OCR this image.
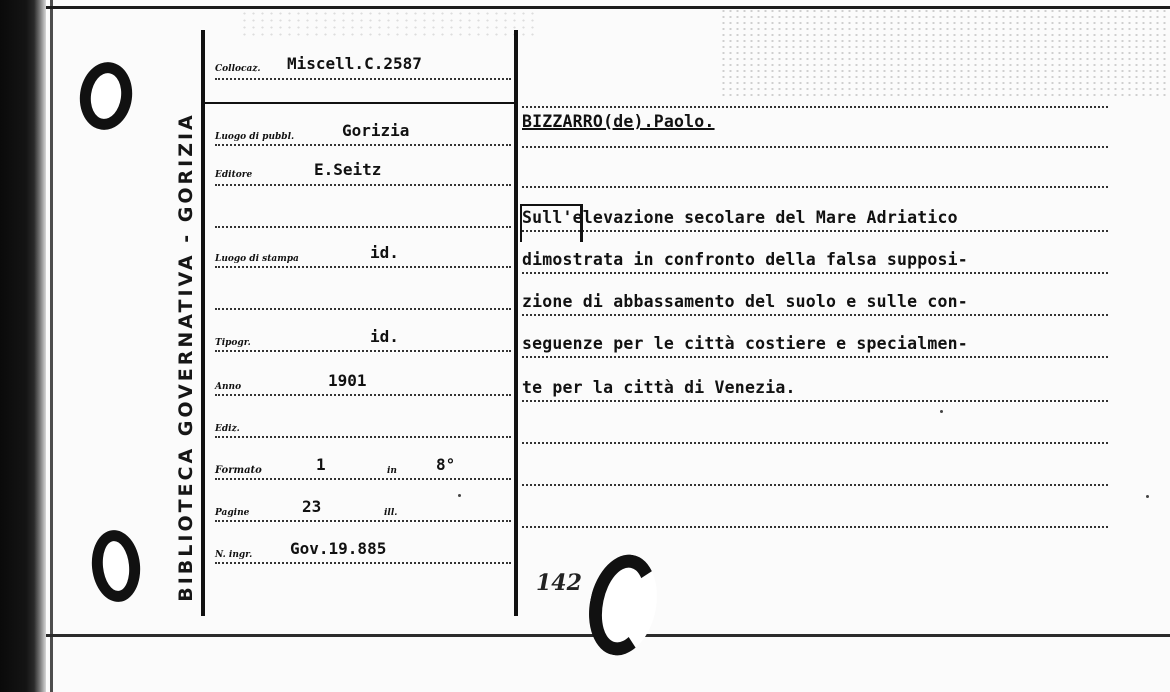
BIBLIOTECA GOVERNATIVA - GORIZIA
Collocaz. Miscell.C.2587
Luogo di pubbl.	Gorizia
Editore	E.Seitz
Luogo di stampa	id.
Tipogr.	id.
Anno	1901
Ediz.
Formato	1	in 8°
Pagine	23	ill.
N. ingr. Gov.19.885
BIZZARRO(de).Paolo.
Sull'elevazione secolare del Mare Adriatico
dimostrata in confronto della falsa supposi-
zione di abbassamento del suolo e sulle con-
seguenze per le città costiere e specialmen-
te per la città di Venezia.
142
